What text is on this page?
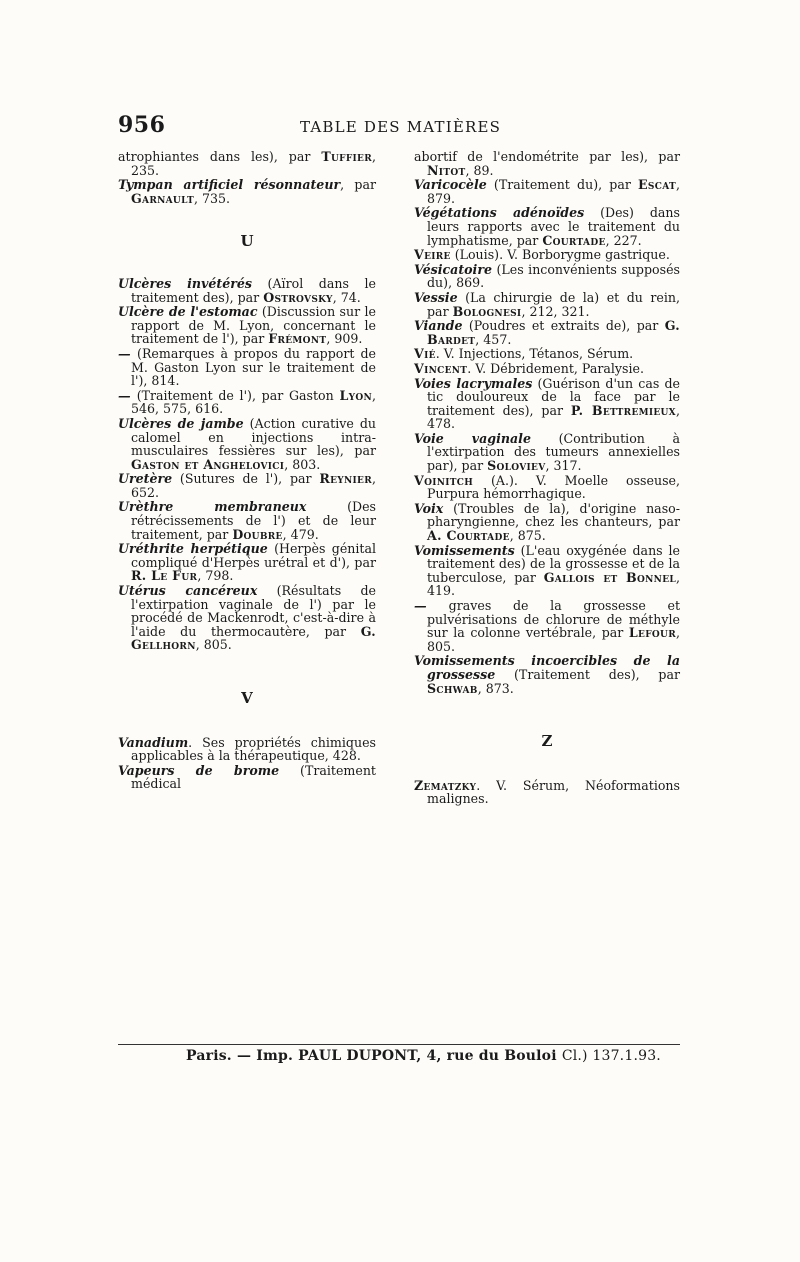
956	TABLE DES MATIÈRES

atrophiantes dans les), par Tuffier, 235.

Tympan artificiel résonnateur, par Garnault, 735.

U

Ulcères invétérés (Aïrol dans le traitement des), par Ostrovsky, 74.

Ulcère de l'estomac (Discussion sur le rapport de M. Lyon, concernant le traitement de l'), par Frémont, 909.

— (Remarques à propos du rapport de M. Gaston Lyon sur le traitement de l'), 814.

— (Traitement de l'), par Gaston Lyon, 546, 575, 616.

Ulcères de jambe (Action curative du calomel en injections intra-musculaires fessières sur les), par Gaston et Anghelovici, 803.

Uretère (Sutures de l'), par Reynier, 652.

Urèthre membraneux (Des rétrécissements de l') et de leur traitement, par Doubre, 479.

Uréthrite herpétique (Herpès génital compliqué d'Herpès urétral et d'), par R. Le Fur, 798.

Utérus cancéreux (Résultats de l'extirpation vaginale de l') par le procédé de Mackenrodt, c'est-à-dire à l'aide du thermocautère, par G. Gellhorn, 805.

V

Vanadium. Ses propriétés chimiques applicables à la thérapeutique, 428.

Vapeurs de brome (Traitement médical

abortif de l'endométrite par les), par Nitot, 89.

Varicocèle (Traitement du), par Escat, 879.

Végétations adénoïdes (Des) dans leurs rapports avec le traitement du lymphatisme, par Courtade, 227.

Veire (Louis). V. Borborygme gastrique.

Vésicatoire (Les inconvénients supposés du), 869.

Vessie (La chirurgie de la) et du rein, par Bolognesi, 212, 321.

Viande (Poudres et extraits de), par G. Bardet, 457.

Vié. V. Injections, Tétanos, Sérum.

Vincent. V. Débridement, Paralysie.

Voies lacrymales (Guérison d'un cas de tic douloureux de la face par le traitement des), par P. Bettremieux, 478.

Voie vaginale (Contribution à l'extirpation des tumeurs annexielles par), par Soloviev, 317.

Voinitch (A.). V. Moelle osseuse, Purpura hémorrhagique.

Voix (Troubles de la), d'origine naso-pharyngienne, chez les chanteurs, par A. Courtade, 875.

Vomissements (L'eau oxygénée dans le traitement des) de la grossesse et de la tuberculose, par Gallois et Bonnel, 419.

— graves de la grossesse et pulvérisations de chlorure de méthyle sur la colonne vertébrale, par Lefour, 805.

Vomissements incoercibles de la grossesse (Traitement des), par Schwab, 873.

Z

Zematzky. V. Sérum, Néoformations malignes.

Paris. — Imp. PAUL DUPONT, 4, rue du Bouloi Cl.) 137.1.93.
